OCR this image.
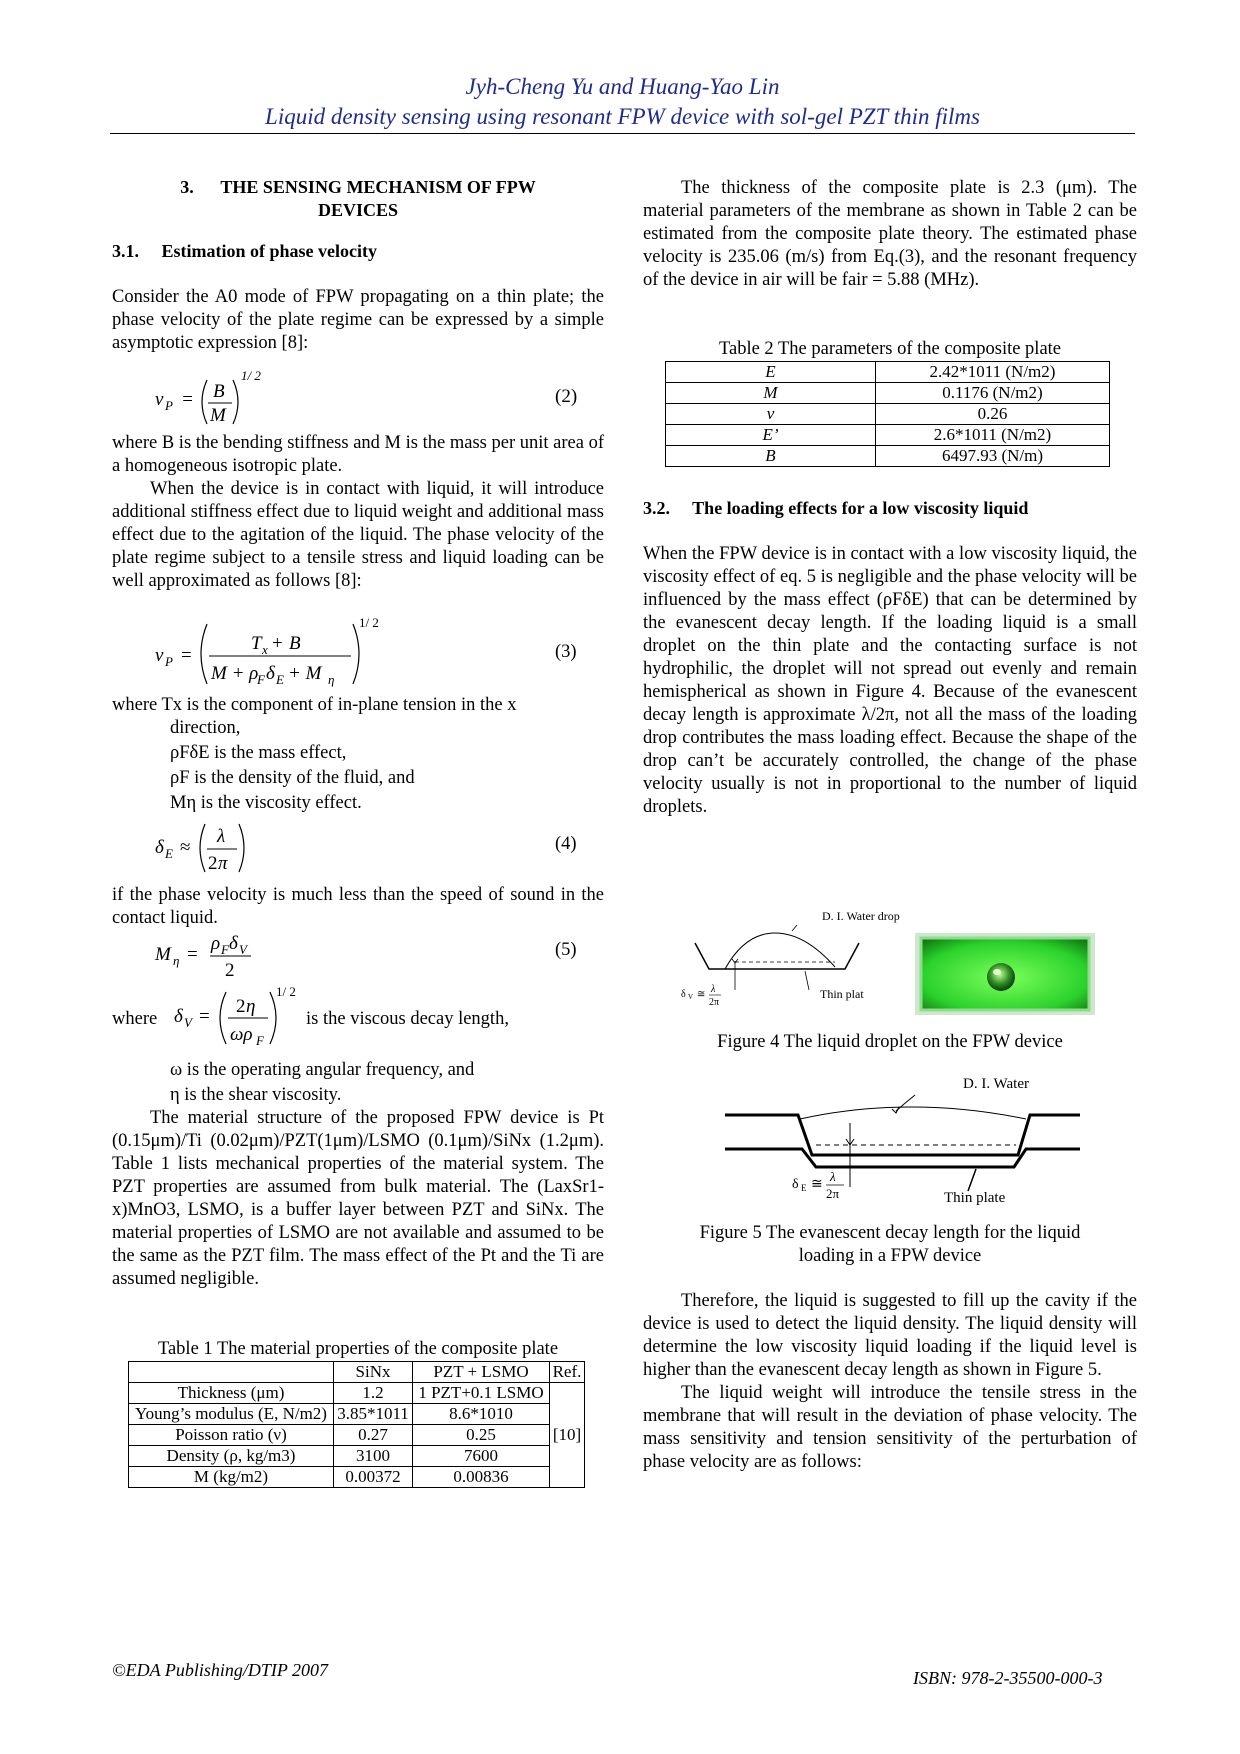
Jyh-Cheng Yu and Huang-Yao Lin
Liquid density sensing using resonant FPW device with sol-gel PZT thin films
3.      THE SENSING MECHANISM OF FPW
DEVICES
3.1.     Estimation of phase velocity

Consider the A0 mode of FPW propagating on a thin plate; the phase velocity of the plate regime can be expressed by a simple asymptotic expression [8]:

v P = B
M
1/ 2
(2)

where B is the bending stiffness and M is the mass per unit area of a homogeneous isotropic plate.

When the device is in contact with liquid, it will introduce additional stiffness effect due to liquid weight and additional mass effect due to the agitation of the liquid. The phase velocity of the plate regime subject to a tensile stress and liquid loading can be well approximated as follows [8]:

v P =
T x + B
M + ρ
F δ E + M η
1/ 2
(3)

where Tx is the component of in-plane tension in the x

direction,

ρFδE is the mass effect,

ρF is the density of the fluid, and

Mη is the viscosity effect.

δ E ≈
λ
2 π
(4)

if the phase velocity is much less than the speed of sound in the contact liquid.

M η =
ρ F δ V
2
(5)
where δ V = 2 η
ωρ F
1/ 2
is the viscous decay length,

ω is the operating angular frequency, and

η is the shear viscosity.

The material structure of the proposed FPW device is Pt (0.15μm)/Ti (0.02μm)/PZT(1μm)/LSMO (0.1μm)/SiNx (1.2μm). Table 1 lists mechanical properties of the material system. The PZT properties are assumed from bulk material. The (LaxSr1-x)MnO3, LSMO, is a buffer layer between PZT and SiNx. The material properties of LSMO are not available and assumed to be the same as the PZT film. The mass effect of the Pt and the Ti are assumed negligible.

Table 1 The material properties of the composite plate
	SiNx	PZT + LSMO	Ref.
Thickness (μm)	1.2	1 PZT+0.1 LSMO	[10]
Young’s modulus (E, N/m2)	3.85*1011	8.6*1010	
Poisson ratio (ν)	0.27	0.25	
Density (ρ, kg/m3)	3100	7600	
M (kg/m2)	0.00372	0.00836	

The thickness of the composite plate is 2.3 (μm). The material parameters of the membrane as shown in Table 2 can be estimated from the composite plate theory. The estimated phase velocity is 235.06 (m/s) from Eq.(3), and the resonant frequency of the device in air will be fair = 5.88 (MHz).

Table 2 The parameters of the composite plate
E	2.42*1011 (N/m2)
M	0.1176 (N/m2)
ν	0.26
E’	2.6*1011 (N/m2)
B	6497.93 (N/m)
3.2.     The loading effects for a low viscosity liquid

When the FPW device is in contact with a low viscosity liquid, the viscosity effect of eq. 5 is negligible and the phase velocity will be influenced by the mass effect (ρFδE) that can be determined by the evanescent decay length. If the loading liquid is a small droplet on the thin plate and the contacting surface is not hydrophilic, the droplet will not spread out evenly and remain hemispherical as shown in Figure 4. Because of the evanescent decay length is approximate λ/2π, not all the mass of the loading drop contributes the mass loading effect. Because the shape of the drop can’t be accurately controlled, the change of the phase velocity usually is not in proportional to the number of liquid droplets.

δ V ≅ λ
2π
D. I. Water drop
Thin plat
Figure 4 The liquid droplet on the FPW device
δ E ≅
λ
2π
D. I. Water
Thin plate
Figure 5 The evanescent decay length for the liquid
loading in a FPW device

Therefore, the liquid is suggested to fill up the cavity if the device is used to detect the liquid density. The liquid density will determine the low viscosity liquid loading if the liquid level is higher than the evanescent decay length as shown in Figure 5.

The liquid weight will introduce the tensile stress in the membrane that will result in the deviation of phase velocity. The mass sensitivity and tension sensitivity of the perturbation of phase velocity are as follows:

©EDA Publishing/DTIP 2007	ISBN: 978-2-35500-000-3
